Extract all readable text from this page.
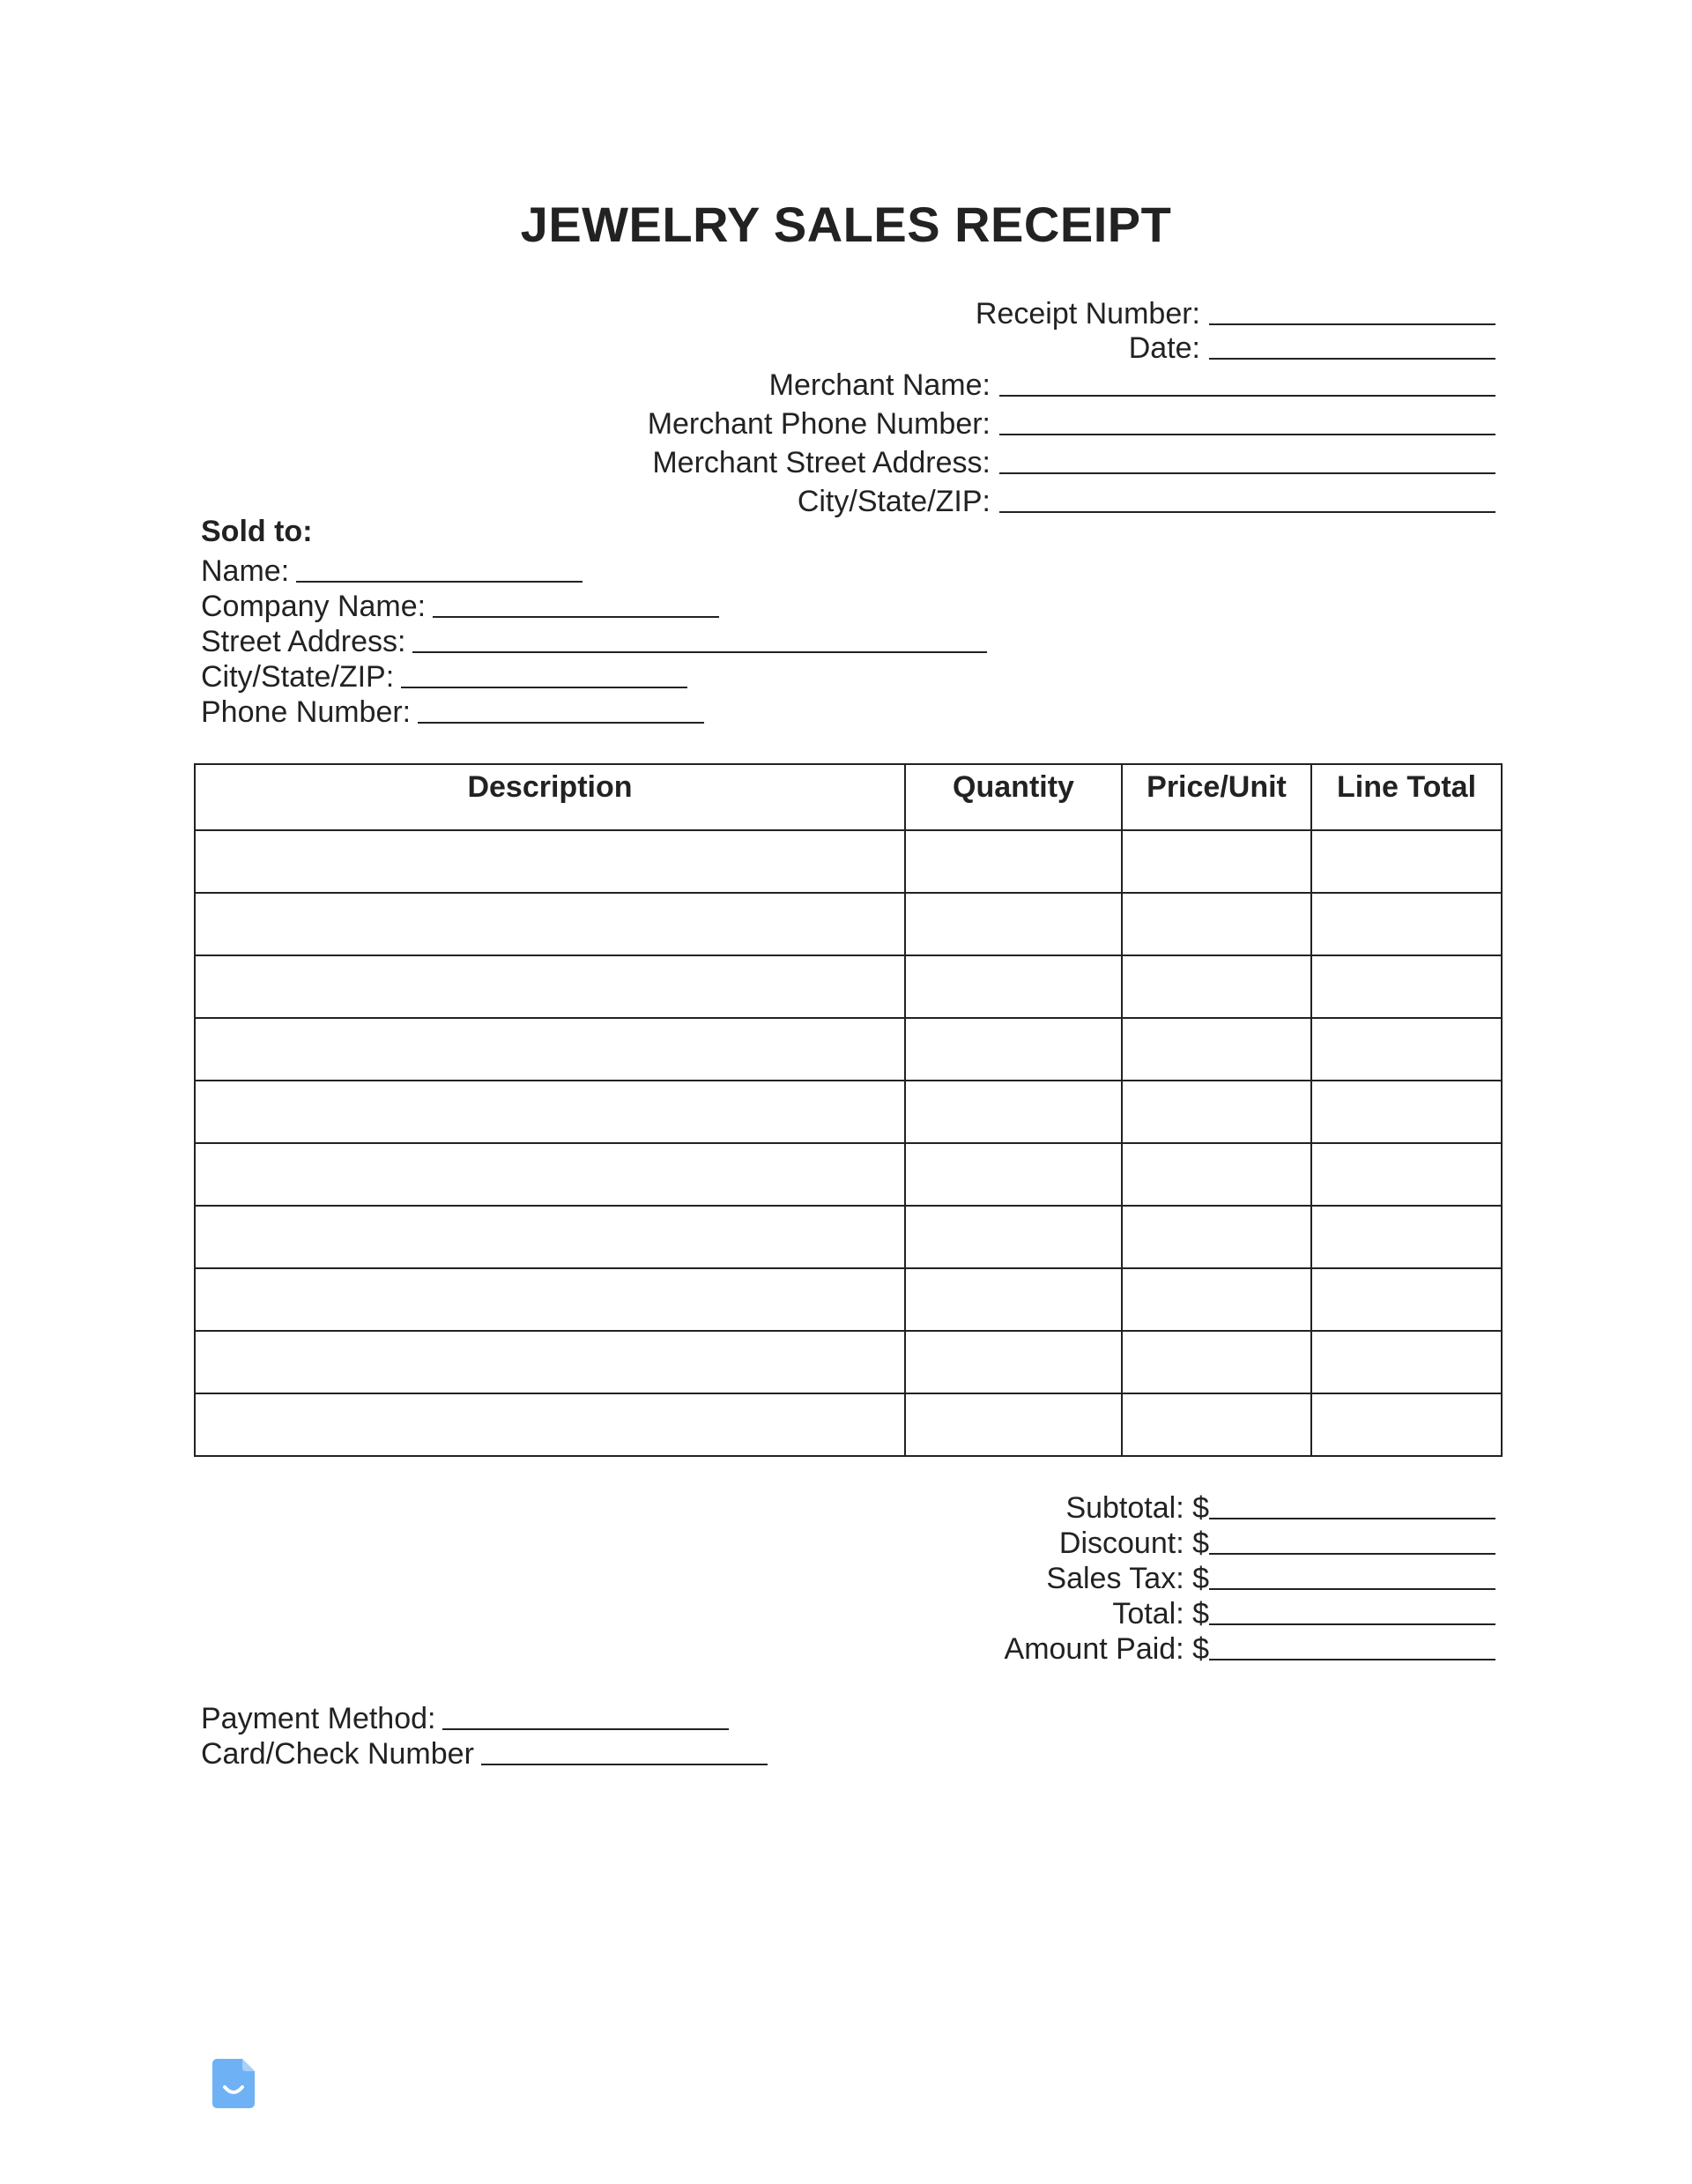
JEWELRY SALES RECEIPT
Receipt Number:
Date:
Merchant Name:
Merchant Phone Number:
Merchant Street Address:
City/State/ZIP:
Sold to:
Name:
Company Name:
Street Address:
City/State/ZIP:
Phone Number:
Description	Quantity	Price/Unit	Line Total

Subtotal: $
Discount: $
Sales Tax: $
Total: $
Amount Paid: $
Payment Method:
Card/Check Number
